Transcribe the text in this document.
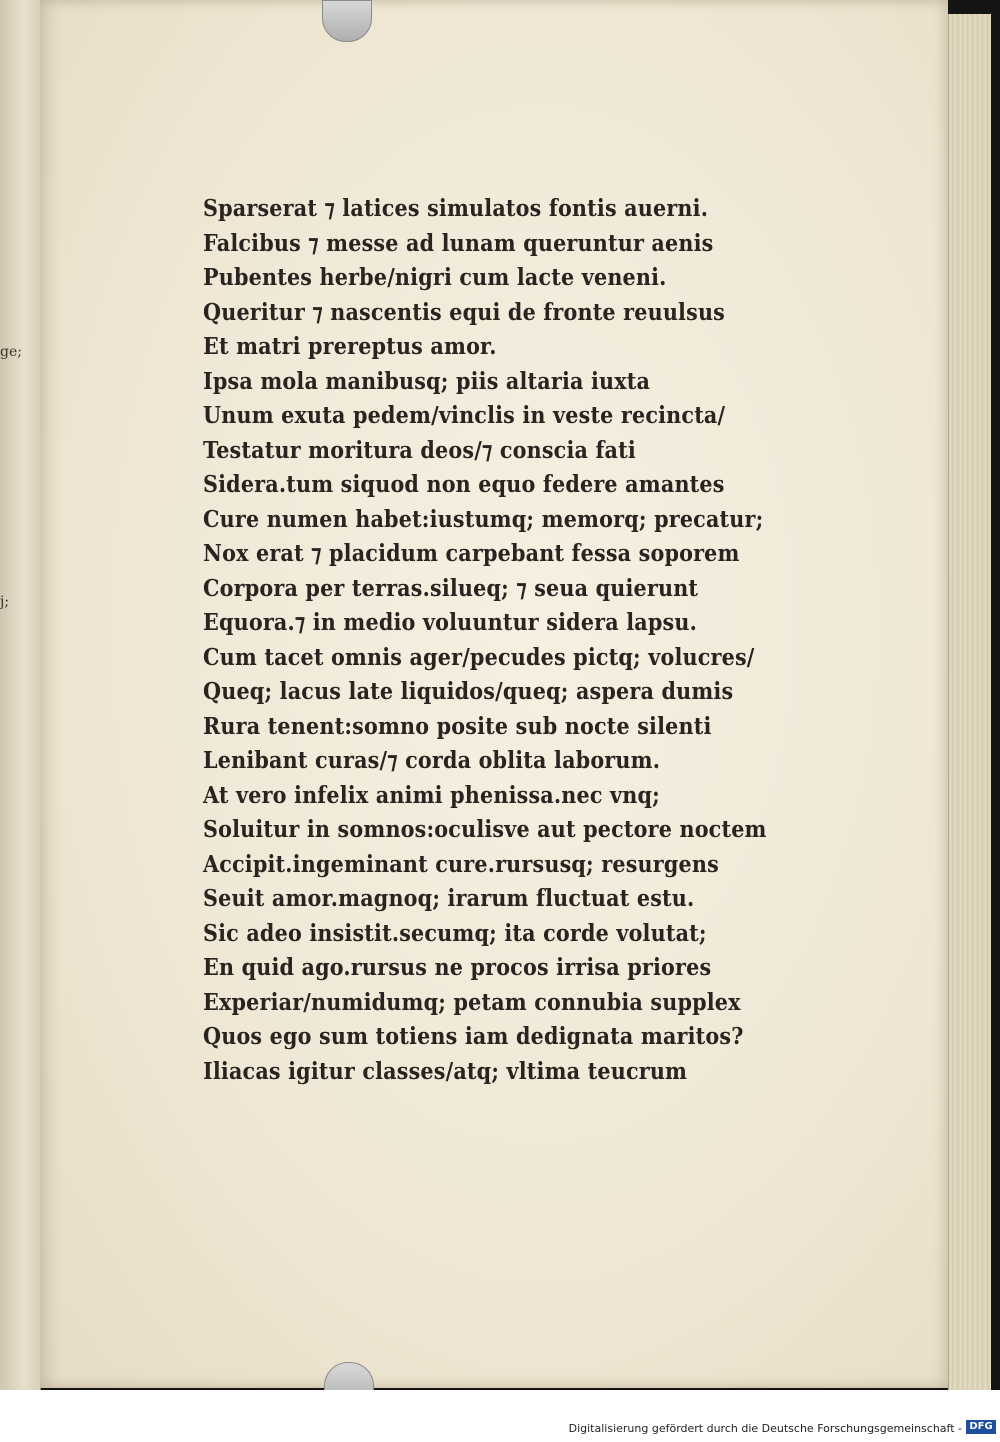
ge;
j;
Sparserat ⁊ latices simulatos fontis auerni.
Falcibus ⁊ messe ad lunam queruntur aenis
Pubentes herbe/nigri cum lacte veneni.
Queritur ⁊ nascentis equi de fronte reuulsus
Et matri prereptus amor.
Ipsa mola manibusq; piis altaria iuxta
Unum exuta pedem/vinclis in veste recincta/
Testatur moritura deos/⁊ conscia fati
Sidera.tum siquod non equo federe amantes
Cure numen habet:iustumq; memorq; precatur;
Nox erat ⁊ placidum carpebant fessa soporem
Corpora per terras.silueq; ⁊ seua quierunt
Equora.⁊ in medio voluuntur sidera lapsu.
Cum tacet omnis ager/pecudes pictq; volucres/
Queq; lacus late liquidos/queq; aspera dumis
Rura tenent:somno posite sub nocte silenti
Lenibant curas/⁊ corda oblita laborum.
At vero infelix animi phenissa.nec vnq;
Soluitur in somnos:oculisve aut pectore noctem
Accipit.ingeminant cure.rursusq; resurgens
Seuit amor.magnoq; irarum fluctuat estu.
Sic adeo insistit.secumq; ita corde volutat;
En quid ago.rursus ne procos irrisa priores
Experiar/numidumq; petam connubia supplex
Quos ego sum totiens iam dedignata maritos?
Iliacas igitur classes/atq; vltima teucrum
Digitalisierung gefördert durch die Deutsche Forschungsgemeinschaft - DFG
